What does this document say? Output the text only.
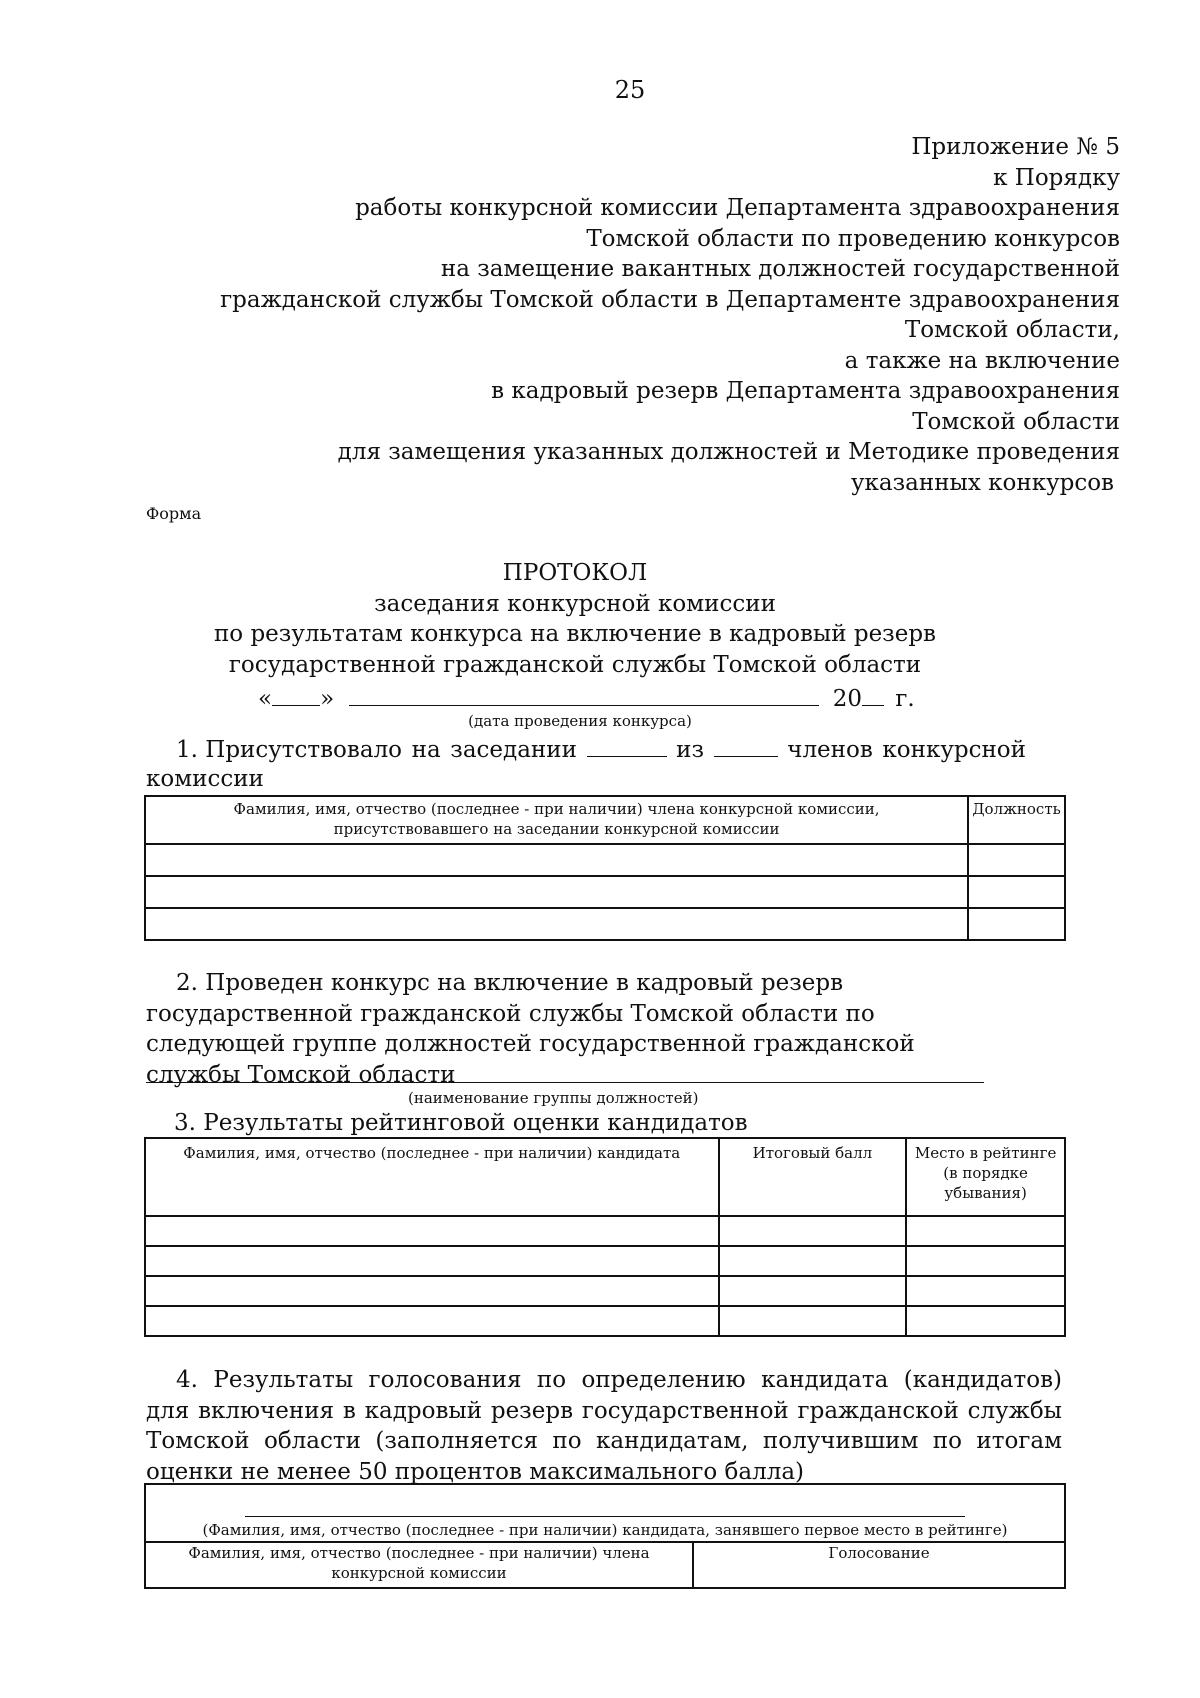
25
Приложение № 5
к Порядку
работы конкурсной комиссии Департамента здравоохранения
Томской области по проведению конкурсов
на замещение вакантных должностей государственной
гражданской службы Томской области в Департаменте здравоохранения
Томской области,
а также на включение
в кадровый резерв Департамента здравоохранения
Томской области
для замещения указанных должностей и Методике проведения
указанных конкурсов
Форма
ПРОТОКОЛ
заседания конкурсной комиссии
по результатам конкурса на включение в кадровый резерв
государственной гражданской службы Томской области
« »	20 г.
(дата проведения конкурса)
1. Присутствовало на заседании	из	членов конкурсной
комиссии
Фамилия, имя, отчество (последнее - при наличии) члена конкурсной комиссии, присутствовавшего на заседании конкурсной комиссии	Должность

2. Проведен конкурс на включение в кадровый резерв государственной гражданской службы Томской области по следующей группе должностей государственной гражданской службы Томской области
(наименование группы должностей)
3. Результаты рейтинговой оценки кандидатов
Фамилия, имя, отчество (последнее - при наличии) кандидата	Итоговый балл	Место в рейтинге (в порядке убывания)

4. Результаты голосования по определению кандидата (кандидатов) для включения в кадровый резерв государственной гражданской службы Томской области (заполняется по кандидатам, получившим по итогам оценки не менее 50 процентов максимального балла)
(Фамилия, имя, отчество (последнее - при наличии) кандидата, занявшего первое место в рейтинге)

Фамилия, имя, отчество (последнее - при наличии) члена конкурсной комиссии	Голосование
